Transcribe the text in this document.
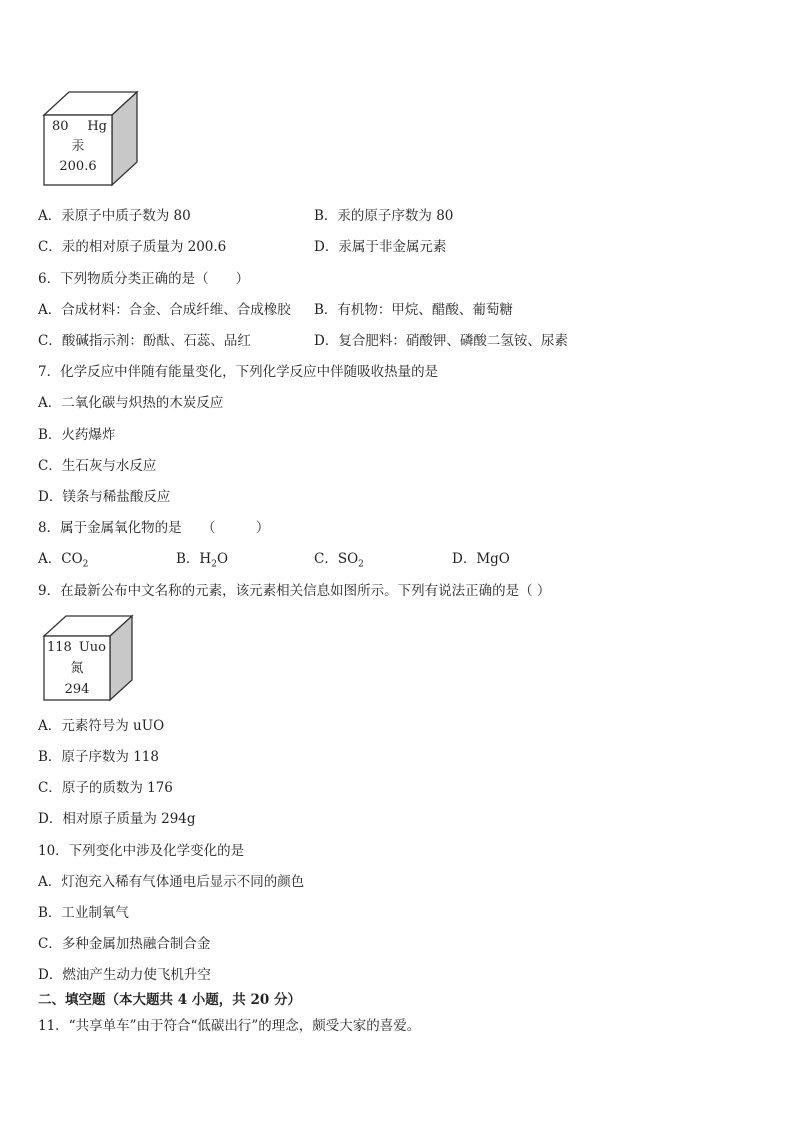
80 Hg
汞
200.6
A．汞原子中质子数为 80	B．汞的原子序数为 80
C．汞的相对原子质量为 200.6	D．汞属于非金属元素
6．下列物质分类正确的是（　　）
A．合成材料：合金、合成纤维、合成橡胶 B．有机物：甲烷、醋酸、葡萄糖
C．酸碱指示剂：酚酞、石蕊、品红	D．复合肥料：硝酸钾、磷酸二氢铵、尿素
7．化学反应中伴随有能量变化，下列化学反应中伴随吸收热量的是
A．二氧化碳与炽热的木炭反应
B．火药爆炸
C．生石灰与水反应
D．镁条与稀盐酸反应
8．属于金属氧化物的是　　（　　　）
A．$CO_2$	B．$H_2O$	C．$SO_2$	D．MgO
9．在最新公布中文名称的元素，该元素相关信息如图所示。下列有说法正确的是（ ）
118 Uuo
氮
294
A．元素符号为 uUO
B．原子序数为 118
C．原子的质数为 176
D．相对原子质量为 294g
10．下列变化中涉及化学变化的是
A．灯泡充入稀有气体通电后显示不同的颜色
B．工业制氧气
C．多种金属加热融合制合金
D．燃油产生动力使飞机升空
二、填空题（本大题共 4 小题，共 20 分）
11．“共享单车”由于符合“低碳出行”的理念，颇受大家的喜爱。
